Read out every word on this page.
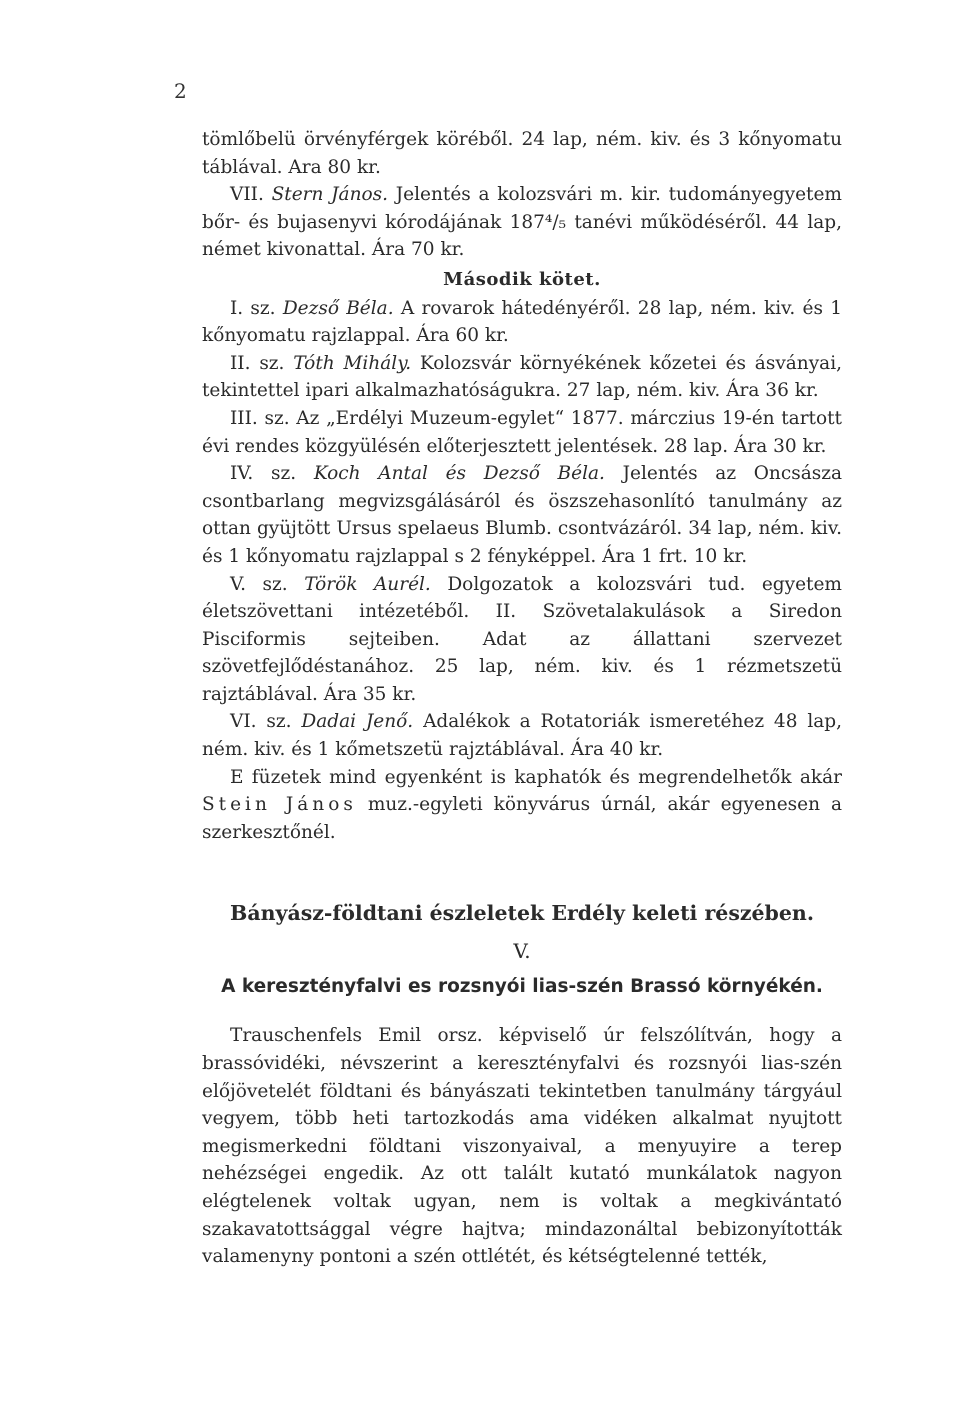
2

tömlőbelü örvényférgek köréből. 24 lap, ném. kiv. és 3 kőnyomatu táblával. Ara 80 kr.

VII. Stern János. Jelentés a kolozsvári m. kir. tudományegyetem bőr- és bujasenyvi kórodájának 187⁴/₅ tanévi működéséről. 44 lap, német kivonattal. Ára 70 kr.

Második kötet.

I. sz. Dezső Béla. A rovarok hátedényéről. 28 lap, ném. kiv. és 1 kőnyomatu rajzlappal. Ára 60 kr.

II. sz. Tóth Mihály. Kolozsvár környékének kőzetei és ásványai, tekintettel ipari alkalmazhatóságukra. 27 lap, ném. kiv. Ára 36 kr.

III. sz. Az „Erdélyi Muzeum-egylet“ 1877. márczius 19-én tartott évi rendes közgyülésén előterjesztett jelentések. 28 lap. Ára 30 kr.

IV. sz. Koch Antal és Dezső Béla. Jelentés az Oncsásza csontbarlang megvizsgálásáról és öszszehasonlító tanulmány az ottan gyüjtött Ursus spelaeus Blumb. csontvázáról. 34 lap, ném. kiv. és 1 kőnyomatu rajzlappal s 2 fényképpel. Ára 1 frt. 10 kr.

V. sz. Török Aurél. Dolgozatok a kolozsvári tud. egyetem életszövettani intézetéből. II. Szövetalakulások a Siredon Pisciformis sejteiben. Adat az állattani szervezet szövetfejlődéstanához. 25 lap, ném. kiv. és 1 rézmetszetü rajztáblával. Ára 35 kr.

VI. sz. Dadai Jenő. Adalékok a Rotatoriák ismeretéhez 48 lap, ném. kiv. és 1 kőmetszetü rajztáblával. Ára 40 kr.

E füzetek mind egyenként is kaphatók és megrendelhetők akár Stein János muz.-egyleti könyvárus úrnál, akár egyenesen a szerkesztőnél.

Bányász-földtani észleletek Erdély keleti részében.

V.

A keresztényfalvi es rozsnyói lias-szén Brassó környékén.

Trauschenfels Emil orsz. képviselő úr felszólítván, hogy a brassóvidéki, névszerint a keresztényfalvi és rozsnyói lias-szén előjövetelét földtani és bányászati tekintetben tanulmány tárgyául vegyem, több heti tartozkodás ama vidéken alkalmat nyujtott megismerkedni földtani viszonyaival, a menyuyire a terep nehézségei engedik. Az ott talált kutató munkálatok nagyon elégtelenek voltak ugyan, nem is voltak a megkivántató szakavatottsággal végre hajtva; mindazonáltal bebizonyították valamenyny pontoni a szén ottlétét, és kétségtelenné tették,
